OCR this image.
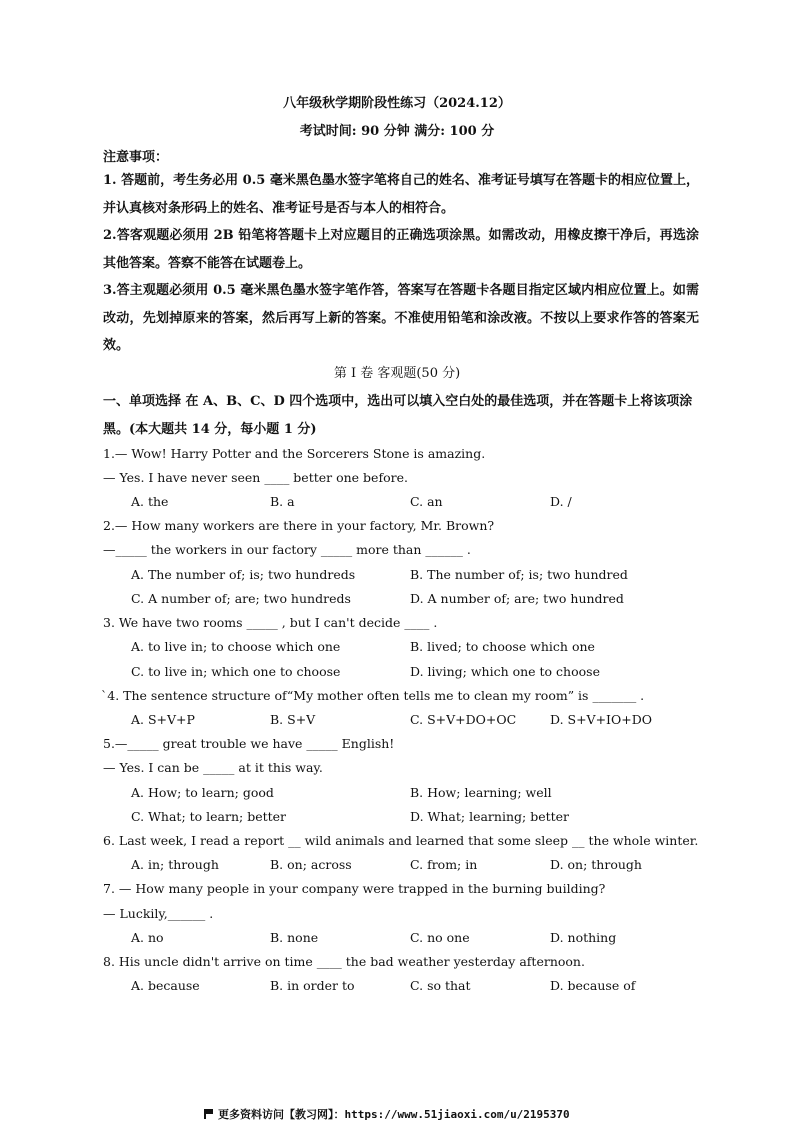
八年级秋学期阶段性练习（2024.12）
考试时间: 90 分钟 满分: 100 分
注意事项：
1. 答题前，考生务必用 0.5 毫米黑色墨水签字笔将自己的姓名、准考证号填写在答题卡的相应位置上，并认真核对条形码上的姓名、准考证号是否与本人的相符合。
2.答客观题必须用 2B 铅笔将答题卡上对应题目的正确选项涂黑。如需改动，用橡皮擦干净后，再选涂其他答案。答察不能答在试题卷上。
3.答主观题必须用 0.5 毫米黑色墨水签字笔作答，答案写在答题卡各题目指定区域内相应位置上。如需改动，先划掉原来的答案，然后再写上新的答案。不准使用铅笔和涂改液。不按以上要求作答的答案无效。
第 I 卷 客观题(50 分)
一、单项选择 在 A、B、C、D 四个选项中，选出可以填入空白处的最佳选项，并在答题卡上将该项涂黑。(本大题共 14 分，每小题 1 分)
1.— Wow! Harry Potter and the Sorcerers Stone is amazing.
— Yes. I have never seen ____ better one before.
A. the	B. a	C. an	D. /
2.— How many workers are there in your factory, Mr. Brown?
—_____ the workers in our factory _____ more than ______ .
A. The number of; is; two hundreds	B. The number of; is; two hundred
C. A number of; are; two hundreds	D. A number of; are; two hundred
3. We have two rooms _____ , but I can't decide ____ .
A. to live in; to choose which one	B. lived; to choose which one
C. to live in; which one to choose	D. living; which one to choose
`4. The sentence structure of“My mother often tells me to clean my room” is _______ .
A. S+V+P	B. S+V	C. S+V+DO+OC	D. S+V+IO+DO
5.—_____ great trouble we have _____ English!
— Yes. I can be _____ at it this way.
A. How; to learn; good	B. How; learning; well
C. What; to learn; better	D. What; learning; better
6. Last week, I read a report __ wild animals and learned that some sleep __ the whole winter.
A. in; through	B. on; across	C. from; in	D. on; through
7. — How many people in your company were trapped in the burning building?
— Luckily,______ .
A. no	B. none	C. no one	D. nothing
8. His uncle didn't arrive on time ____ the bad weather yesterday afternoon.
A. because	B. in order to	C. so that	D. because of
更多资料访问【教习网】：https://www.51jiaoxi.com/u/2195370
